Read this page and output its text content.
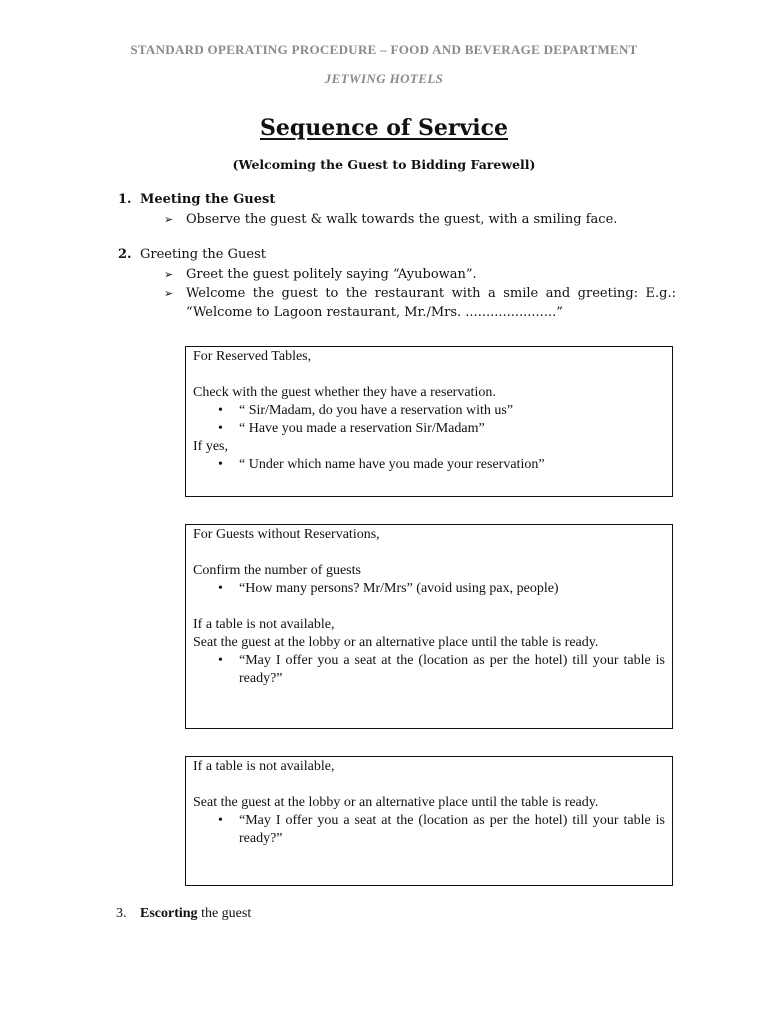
STANDARD OPERATING PROCEDURE – FOOD AND BEVERAGE DEPARTMENT
JETWING HOTELS
Sequence of Service
(Welcoming the Guest to Bidding Farewell)
1. Meeting the Guest
➢ Observe the guest & walk towards the guest, with a smiling face.
2. Greeting the Guest
➢ Greet the guest politely saying “Ayubowan”.
➢ Welcome the guest to the restaurant with a smile and greeting: E.g.: “Welcome to Lagoon restaurant, Mr./Mrs. ......................”
For Reserved Tables,
Check with the guest whether they have a reservation.
• “ Sir/Madam, do you have a reservation with us”
• “ Have you made a reservation Sir/Madam”
If yes,
• “ Under which name have you made your reservation”
For Guests without Reservations,
Confirm the number of guests
• “How many persons? Mr/Mrs” (avoid using pax, people)
If a table is not available,
Seat the guest at the lobby or an alternative place until the table is ready.
• “May I offer you a seat at the (location as per the hotel) till your table is ready?”
If a table is not available,
Seat the guest at the lobby or an alternative place until the table is ready.
• “May I offer you a seat at the (location as per the hotel) till your table is ready?”
3. Escorting the guest
